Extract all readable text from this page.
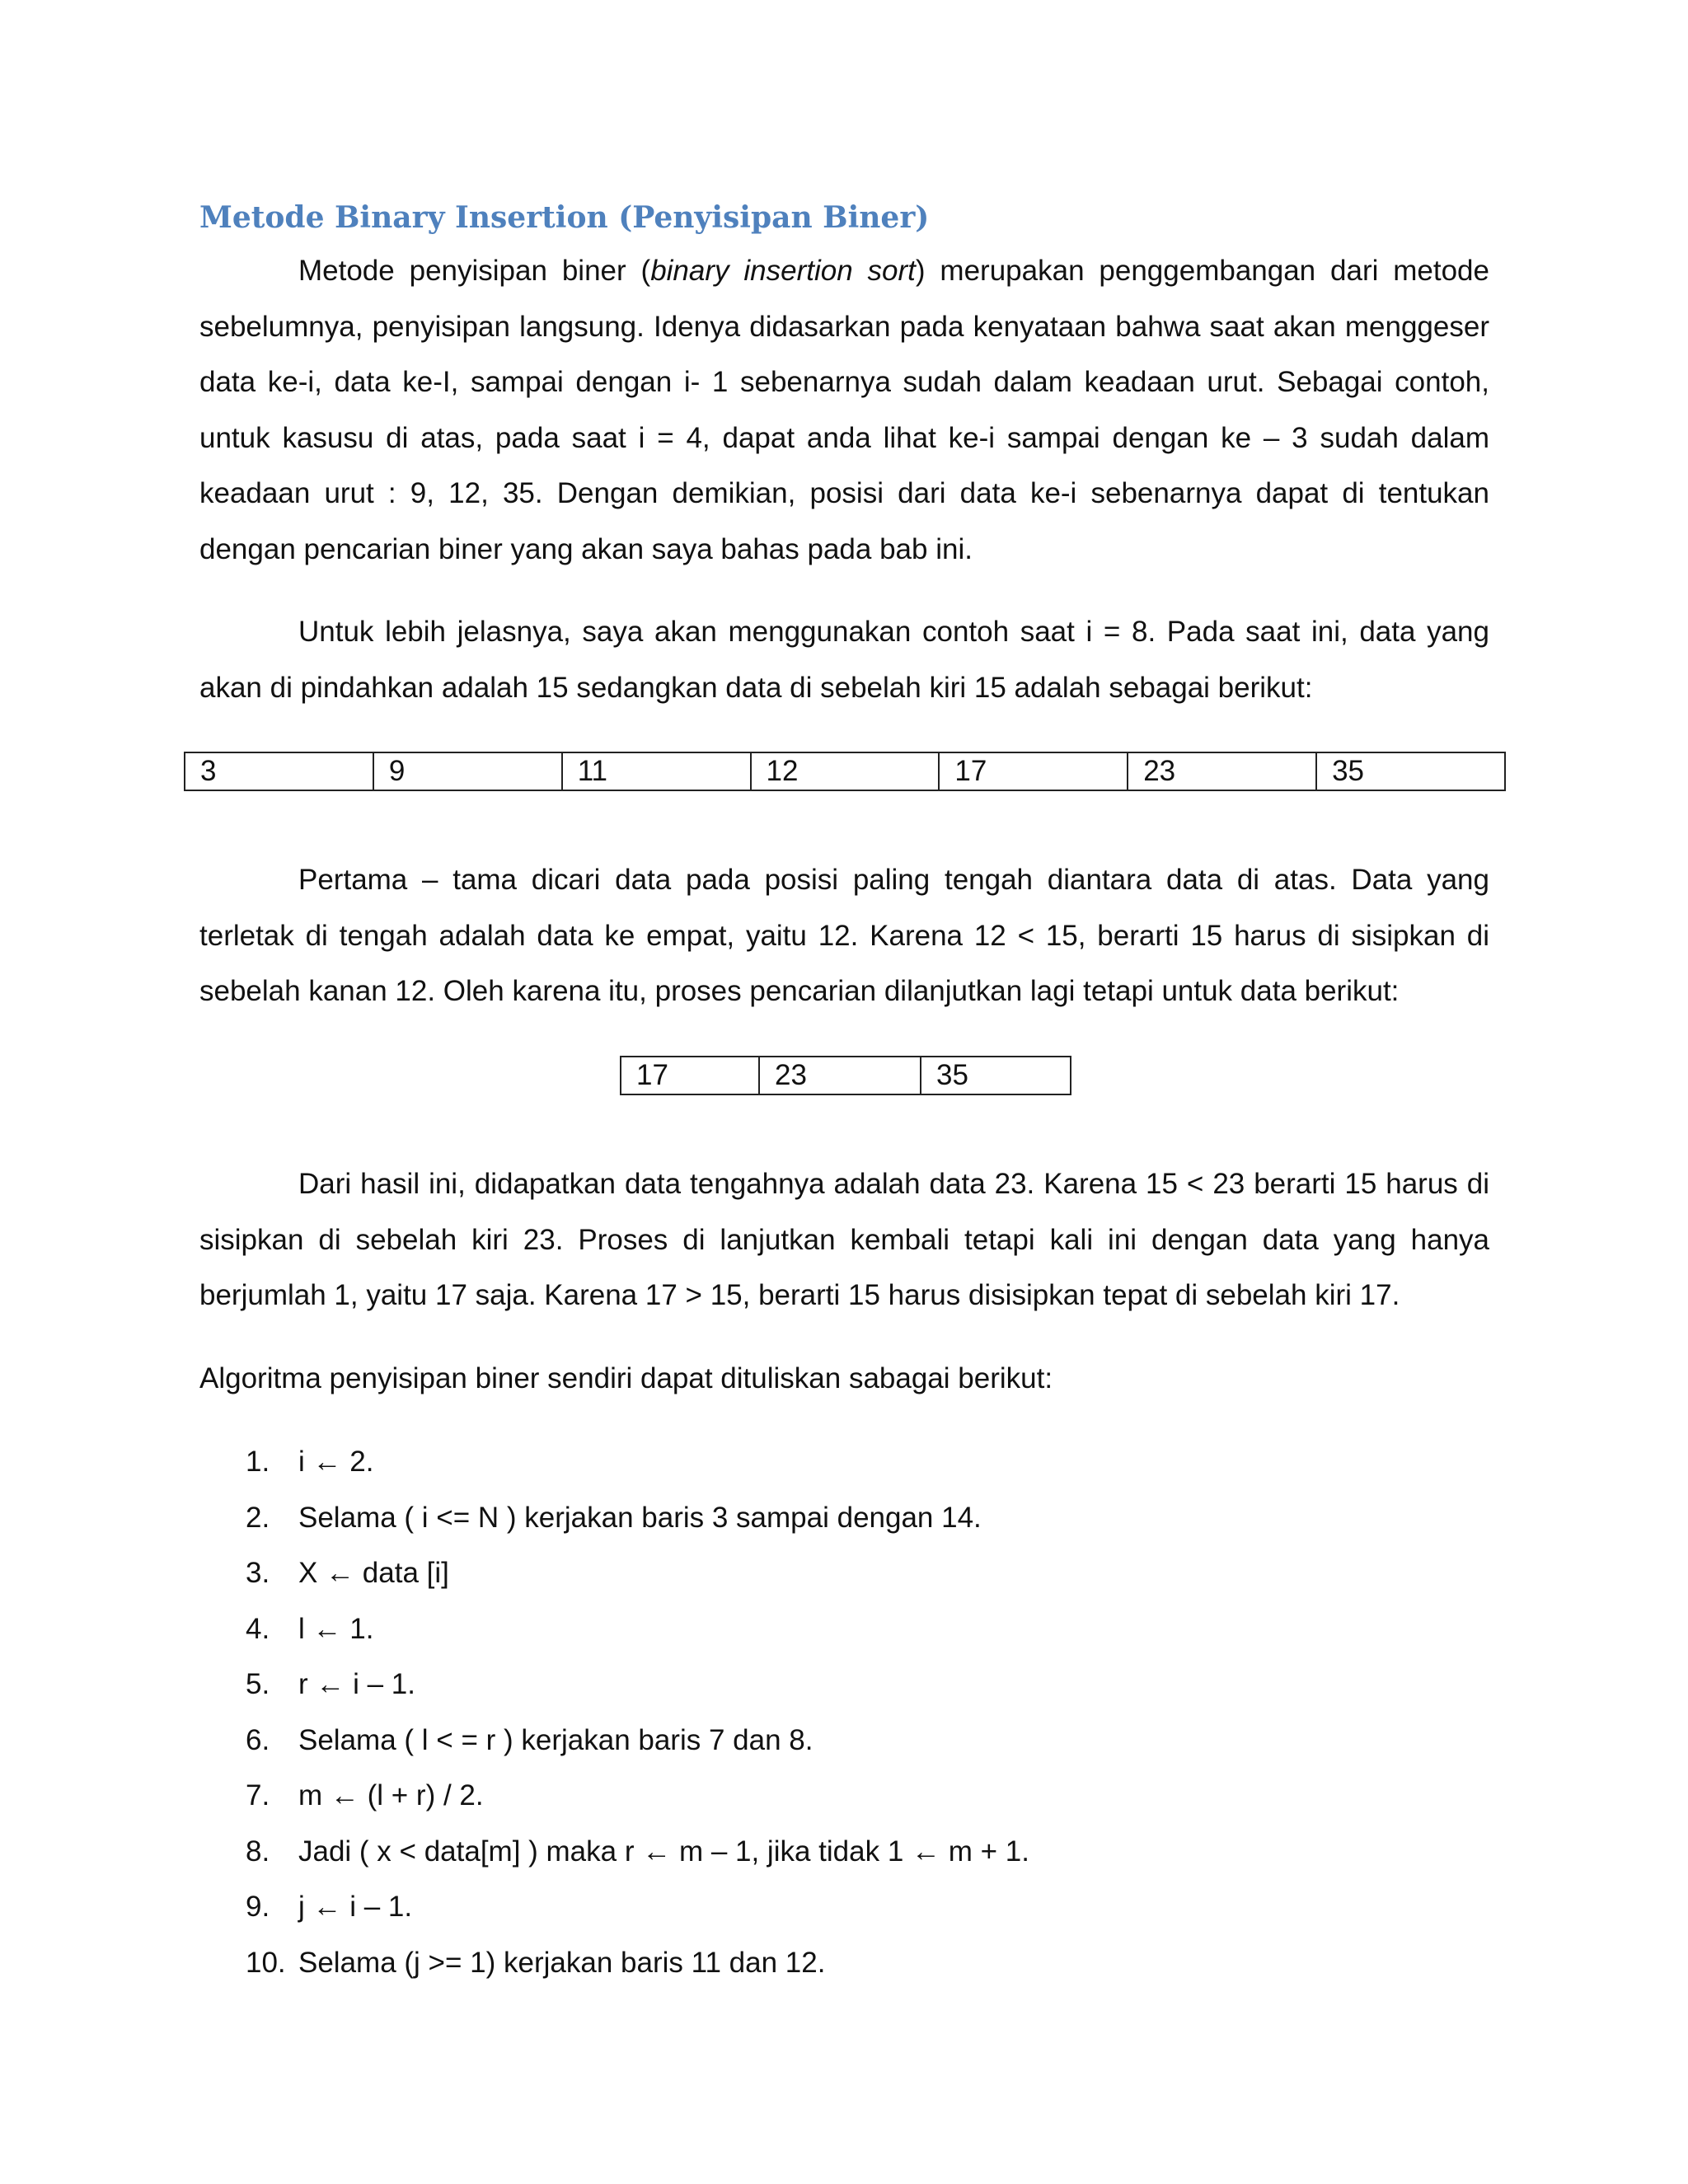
Metode Binary Insertion (Penyisipan Biner)

Metode penyisipan biner (binary insertion sort) merupakan penggembangan dari metode sebelumnya, penyisipan langsung. Idenya didasarkan pada kenyataan bahwa saat akan menggeser data ke-i, data ke-I, sampai dengan i- 1 sebenarnya sudah dalam keadaan urut. Sebagai contoh, untuk kasusu di atas, pada saat i = 4, dapat anda lihat ke-i sampai dengan ke – 3 sudah dalam keadaan urut : 9, 12, 35. Dengan demikian, posisi dari data ke-i sebenarnya dapat di tentukan dengan pencarian biner yang akan saya bahas pada bab ini.

Untuk lebih jelasnya, saya akan menggunakan contoh saat i = 8. Pada saat ini, data yang akan di pindahkan adalah 15 sedangkan data di sebelah kiri 15 adalah sebagai berikut:

3	9	11	12	17	23	35

Pertama – tama dicari data pada posisi paling tengah diantara data di atas. Data yang terletak di tengah adalah data ke empat, yaitu 12. Karena 12 < 15, berarti 15 harus di sisipkan di sebelah kanan 12. Oleh karena itu, proses pencarian dilanjutkan lagi tetapi untuk data berikut:

17	23	35

Dari hasil ini, didapatkan data tengahnya adalah data 23. Karena 15 < 23 berarti 15 harus di sisipkan di sebelah kiri 23. Proses di lanjutkan kembali tetapi kali ini dengan data yang hanya berjumlah 1, yaitu 17 saja. Karena 17 > 15, berarti 15 harus disisipkan tepat di sebelah kiri 17.

Algoritma penyisipan biner sendiri dapat dituliskan sabagai berikut:

1. i ← 2.
2. Selama ( i <= N ) kerjakan baris 3 sampai dengan 14.
3. X ← data [i]
4. l ← 1.
5. r ← i – 1.
6. Selama ( l < = r ) kerjakan baris 7 dan 8.
7. m ← (l + r) / 2.
8. Jadi ( x < data[m] ) maka r ← m – 1, jika tidak 1 ← m + 1.
9. j ← i – 1.
10. Selama (j >= 1) kerjakan baris 11 dan 12.
